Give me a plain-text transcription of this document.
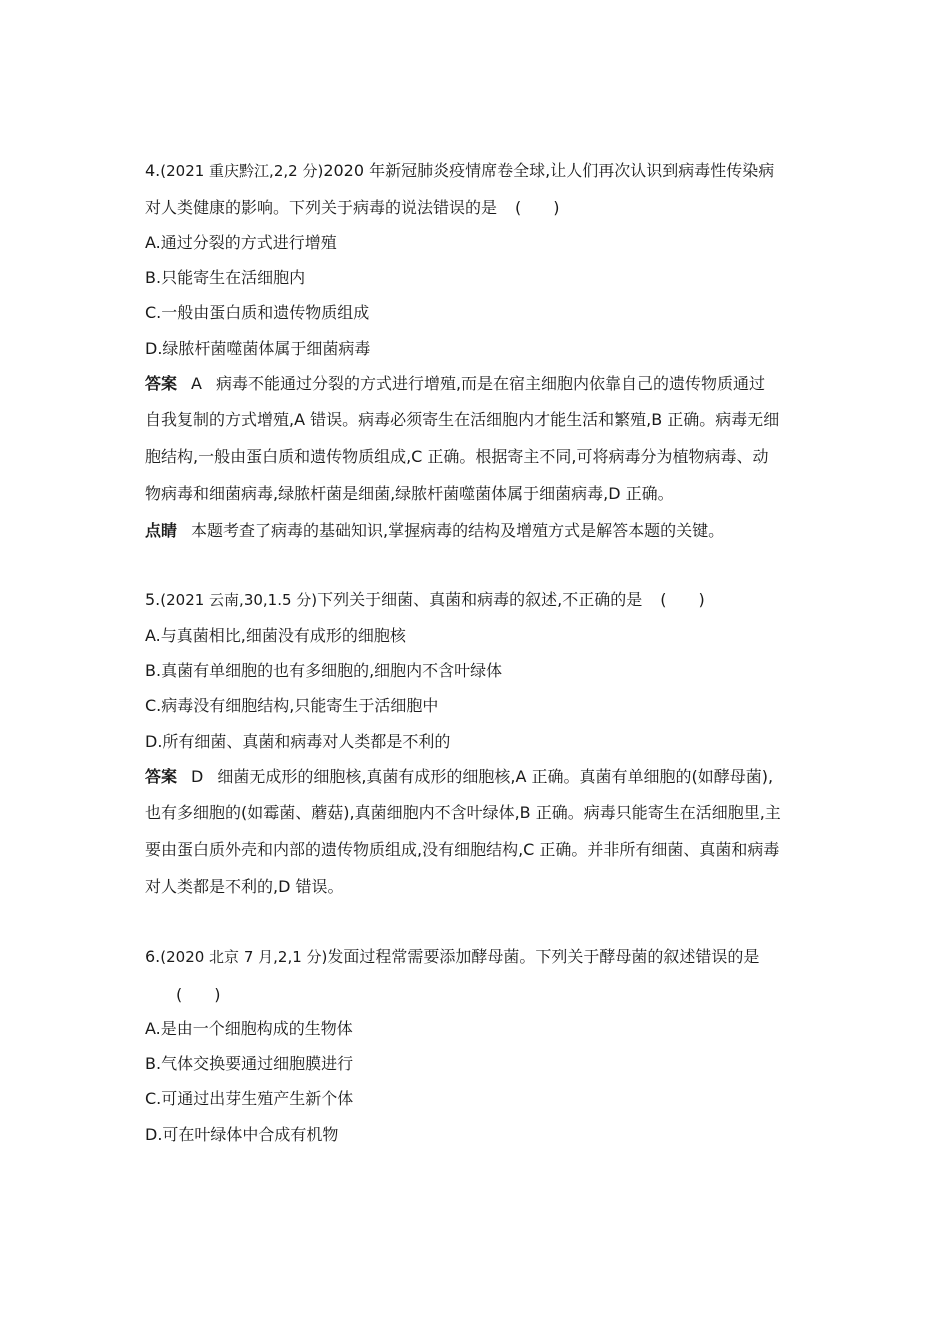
4.(2021 重庆黔江,2,2 分)2020 年新冠肺炎疫情席卷全球,让人们再次认识到病毒性传染病
对人类健康的影响。下列关于病毒的说法错误的是 (　　)
A.通过分裂的方式进行增殖
B.只能寄生在活细胞内
C.一般由蛋白质和遗传物质组成
D.绿脓杆菌噬菌体属于细菌病毒
答案 A 病毒不能通过分裂的方式进行增殖,而是在宿主细胞内依靠自己的遗传物质通过
自我复制的方式增殖,A 错误。病毒必须寄生在活细胞内才能生活和繁殖,B 正确。病毒无细
胞结构,一般由蛋白质和遗传物质组成,C 正确。根据寄主不同,可将病毒分为植物病毒、动
物病毒和细菌病毒,绿脓杆菌是细菌,绿脓杆菌噬菌体属于细菌病毒,D 正确。
点睛 本题考查了病毒的基础知识,掌握病毒的结构及增殖方式是解答本题的关键。
5.(2021 云南,30,1.5 分)下列关于细菌、真菌和病毒的叙述,不正确的是 (　　)
A.与真菌相比,细菌没有成形的细胞核
B.真菌有单细胞的也有多细胞的,细胞内不含叶绿体
C.病毒没有细胞结构,只能寄生于活细胞中
D.所有细菌、真菌和病毒对人类都是不利的
答案 D 细菌无成形的细胞核,真菌有成形的细胞核,A 正确。真菌有单细胞的(如酵母菌),
也有多细胞的(如霉菌、蘑菇),真菌细胞内不含叶绿体,B 正确。病毒只能寄生在活细胞里,主
要由蛋白质外壳和内部的遗传物质组成,没有细胞结构,C 正确。并非所有细菌、真菌和病毒
对人类都是不利的,D 错误。
6.(2020 北京 7 月,2,1 分)发面过程常需要添加酵母菌。下列关于酵母菌的叙述错误的是
(　　)
A.是由一个细胞构成的生物体
B.气体交换要通过细胞膜进行
C.可通过出芽生殖产生新个体
D.可在叶绿体中合成有机物
